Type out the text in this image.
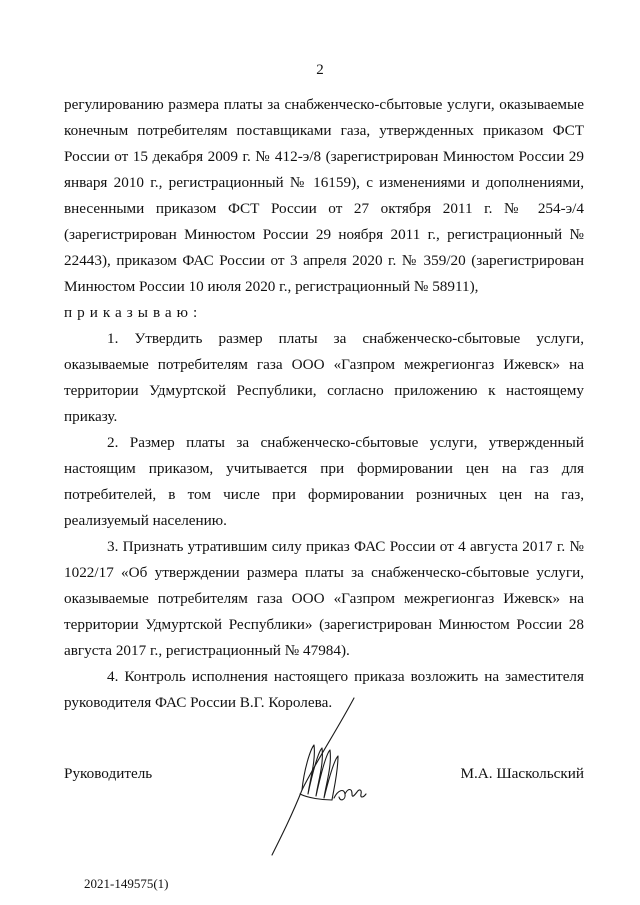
2

регулированию размера платы за снабженческо-сбытовые услуги, оказываемые конечным потребителям поставщиками газа, утвержденных приказом ФСТ России от 15 декабря 2009 г. № 412-э/8 (зарегистрирован Минюстом России 29 января 2010 г., регистрационный № 16159), с изменениями и дополнениями, внесенными приказом ФСТ России от 27 октября 2011 г. № 254-э/4 (зарегистрирован Минюстом России 29 ноября 2011 г., регистрационный № 22443), приказом ФАС России от 3 апреля 2020 г. № 359/20 (зарегистрирован Минюстом России 10 июля 2020 г., регистрационный № 58911),

приказываю:

1. Утвердить размер платы за снабженческо-сбытовые услуги, оказываемые потребителям газа ООО «Газпром межрегионгаз Ижевск» на территории Удмуртской Республики, согласно приложению к настоящему приказу.

2. Размер платы за снабженческо-сбытовые услуги, утвержденный настоящим приказом, учитывается при формировании цен на газ для потребителей, в том числе при формировании розничных цен на газ, реализуемый населению.

3. Признать утратившим силу приказ ФАС России от 4 августа 2017 г. № 1022/17 «Об утверждении размера платы за снабженческо-сбытовые услуги, оказываемые потребителям газа ООО «Газпром межрегионгаз Ижевск» на территории Удмуртской Республики» (зарегистрирован Минюстом России 28 августа 2017 г., регистрационный № 47984).

4. Контроль исполнения настоящего приказа возложить на заместителя руководителя ФАС России В.Г. Королева.

Руководитель	М.А. Шаскольский
2021-149575(1)
